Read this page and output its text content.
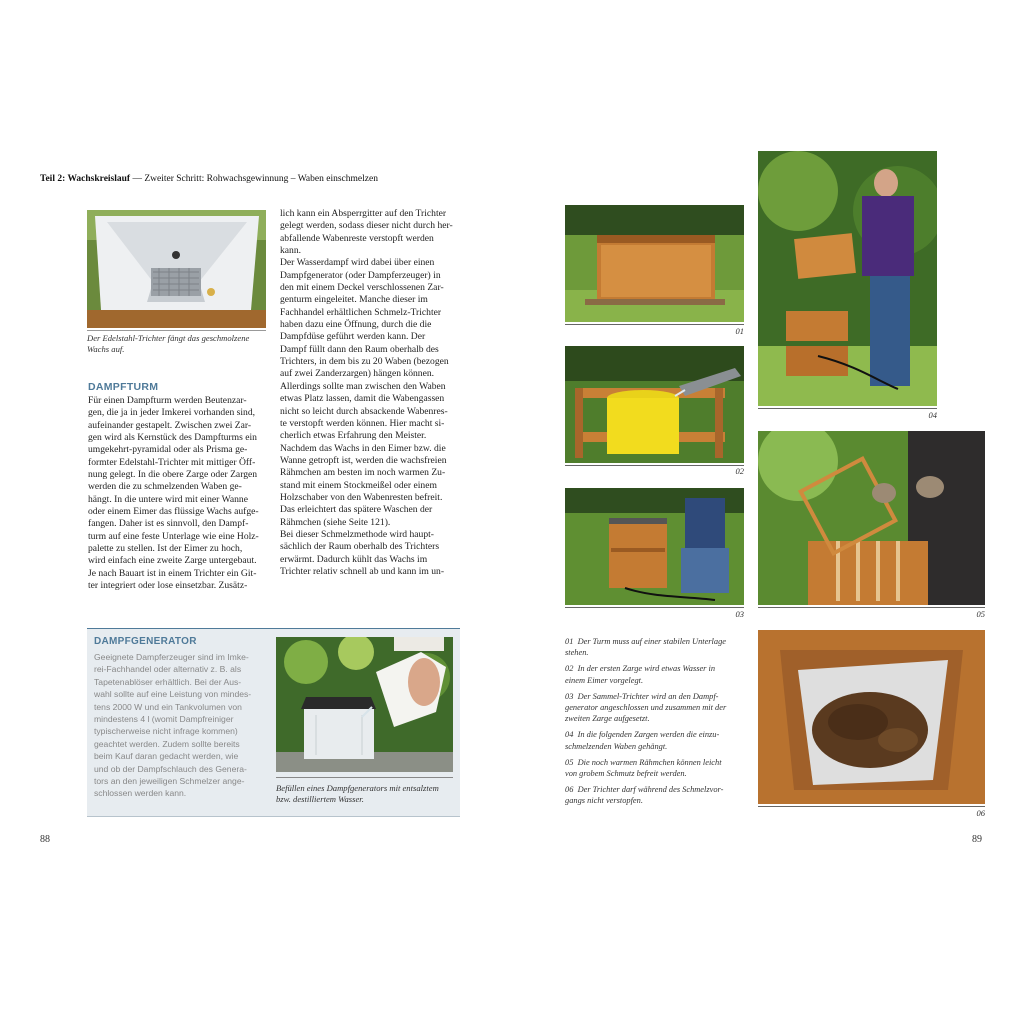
Teil 2: Wachskreislauf — Zweiter Schritt: Rohwachsgewinnung – Waben einschmelzen
Der Edelstahl-Trichter fängt das geschmolzene
Wachs auf.
DAMPFTURM
Für einen Dampfturm werden Beutenzar-
gen, die ja in jeder Imkerei vorhanden sind,
aufeinander gestapelt. Zwischen zwei Zar-
gen wird als Kernstück des Dampfturms ein
umgekehrt-pyramidal oder als Prisma ge-
formter Edelstahl-Trichter mit mittiger Öff-
nung gelegt. In die obere Zarge oder Zargen
werden die zu schmelzenden Waben ge-
hängt. In die untere wird mit einer Wanne
oder einem Eimer das flüssige Wachs aufge-
fangen. Daher ist es sinnvoll, den Dampf-
turm auf eine feste Unterlage wie eine Holz-
palette zu stellen. Ist der Eimer zu hoch,
wird einfach eine zweite Zarge untergebaut.
Je nach Bauart ist in einem Trichter ein Git-
ter integriert oder lose einsetzbar. Zusätz-
lich kann ein Absperrgitter auf den Trichter
gelegt werden, sodass dieser nicht durch her-
abfallende Wabenreste verstopft werden
kann.
Der Wasserdampf wird dabei über einen
Dampfgenerator (oder Dampferzeuger) in
den mit einem Deckel verschlossenen Zar-
genturm eingeleitet. Manche dieser im
Fachhandel erhältlichen Schmelz-Trichter
haben dazu eine Öffnung, durch die die
Dampfdüse geführt werden kann. Der
Dampf füllt dann den Raum oberhalb des
Trichters, in dem bis zu 20 Waben (bezogen
auf zwei Zanderzargen) hängen können.
Allerdings sollte man zwischen den Waben
etwas Platz lassen, damit die Wabengassen
nicht so leicht durch absackende Wabenres-
te verstopft werden können. Hier macht si-
cherlich etwas Erfahrung den Meister.
Nachdem das Wachs in den Eimer bzw. die
Wanne getropft ist, werden die wachsfreien
Rähmchen am besten im noch warmen Zu-
stand mit einem Stockmeißel oder einem
Holzschaber von den Wabenresten befreit.
Das erleichtert das spätere Waschen der
Rähmchen (siehe Seite 121).
Bei dieser Schmelzmethode wird haupt-
sächlich der Raum oberhalb des Trichters
erwärmt. Dadurch kühlt das Wachs im
Trichter relativ schnell ab und kann im un-
DAMPFGENERATOR
Geeignete Dampferzeuger sind im Imke-
rei-Fachhandel oder alternativ z. B. als
Tapetenablöser erhältlich. Bei der Aus-
wahl sollte auf eine Leistung von mindes-
tens 2000 W und ein Tankvolumen von
mindestens 4 l (womit Dampfreiniger
typischerweise nicht infrage kommen)
geachtet werden. Zudem sollte bereits
beim Kauf daran gedacht werden, wie
und ob der Dampfschlauch des Genera-
tors an den jeweiligen Schmelzer ange-
schlossen werden kann.
Befüllen eines Dampfgenerators mit entsalztem
bzw. destilliertem Wasser.
88
01
02
03
04
05
06
01 Der Turm muss auf einer stabilen Unterlage
stehen.
02 In der ersten Zarge wird etwas Wasser in
einem Eimer vorgelegt.
03 Der Sammel-Trichter wird an den Dampf-
generator angeschlossen und zusammen mit der
zweiten Zarge aufgesetzt.
04 In die folgenden Zargen werden die einzu-
schmelzenden Waben gehängt.
05 Die noch warmen Rähmchen können leicht
von grobem Schmutz befreit werden.
06 Der Trichter darf während des Schmelzvor-
gangs nicht verstopfen.
89
